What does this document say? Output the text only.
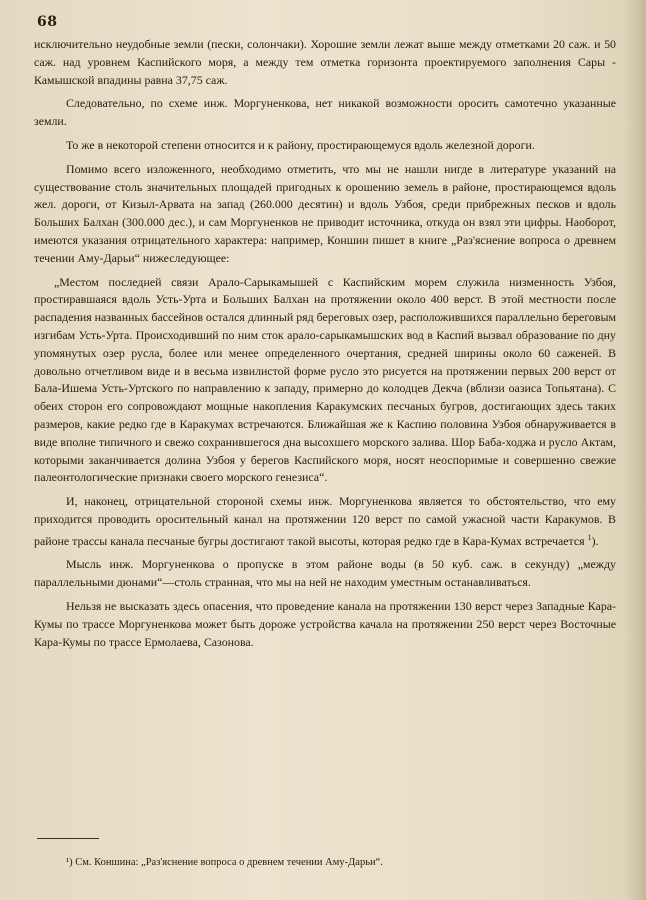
68

исключительно неудобные земли (пески, солончаки). Хорошие земли лежат выше между отметками 20 саж. и 50 саж. над уровнем Каспийского моря, а между тем отметка горизонта проектируемого заполнения Сары - Камышской впадины равна 37,75 саж.

Следовательно, по схеме инж. Моргуненкова, нет никакой возможности оросить самотечно указанные земли.

То же в некоторой степени относится и к району, простирающемуся вдоль железной дороги.

Помимо всего изложенного, необходимо отметить, что мы не нашли нигде в литературе указаний на существование столь значительных площадей пригодных к орошению земель в районе, простирающемся вдоль жел. дороги, от Кизыл-Арвата на запад (260.000 десятин) и вдоль Узбоя, среди прибрежных песков и вдоль Больших Балхан (300.000 дес.), и сам Моргуненков не приводит источника, откуда он взял эти цифры. Наоборот, имеются указания отрицательного характера: например, Коншин пишет в книге „Раз'яснение вопроса о древнем течении Аму-Дарьи“ нижеследующее:

„Местом последней связи Арало-Сарыкамышей с Каспийским морем служила низменность Узбоя, простиравшаяся вдоль Усть-Урта и Больших Балхан на протяжении около 400 верст. В этой местности после распадения названных бассейнов остался длинный ряд береговых озер, расположившихся параллельно береговым изгибам Усть-Урта. Происходивший по ним сток арало-сарыкамышских вод в Каспий вызвал образование по дну упомянутых озер русла, более или менее определенного очертания, средней ширины около 60 саженей. В довольно отчетливом виде и в весьма извилистой форме русло это рисуется на протяжении первых 200 верст от Бала-Ишема Усть-Уртского по направлению к западу, примерно до колодцев Декча (вблизи оазиса Топьятана). С обеих сторон его сопровождают мощные накопления Каракумских песчаных бугров, достигающих здесь таких размеров, какие редко где в Каракумах встречаются. Ближайшая же к Каспию половина Узбоя обнаруживается в виде вполне типичного и свежо сохранившегося дна высохшего морского залива. Шор Баба-ходжа и русло Актам, которыми заканчивается долина Узбоя у берегов Каспийского моря, носят неоспоримые и совершенно свежие палеонтологические признаки своего морского генезиса“.

И, наконец, отрицательной стороной схемы инж. Моргуненкова является то обстоятельство, что ему приходится проводить оросительный канал на протяжении 120 верст по самой ужасной части Каракумов. В районе трассы канала песчаные бугры достигают такой высоты, которая редко где в Кара-Кумах встречается $^1$).

Мысль инж. Моргуненкова о пропуске в этом районе воды (в 50 куб. саж. в секунду) „между параллельными дюнами“—столь странная, что мы на ней не находим уместным останавливаться.

Нельзя не высказать здесь опасения, что проведение канала на протяжении 130 верст через Западные Кара-Кумы по трассе Моргуненкова может быть дороже устройства качала на протяжении 250 верст через Восточные Кара-Кумы по трассе Ермолаева, Сазонова.

¹) См. Коншина: „Раз'яснение вопроса о древнем течении Аму-Дарьи“.
